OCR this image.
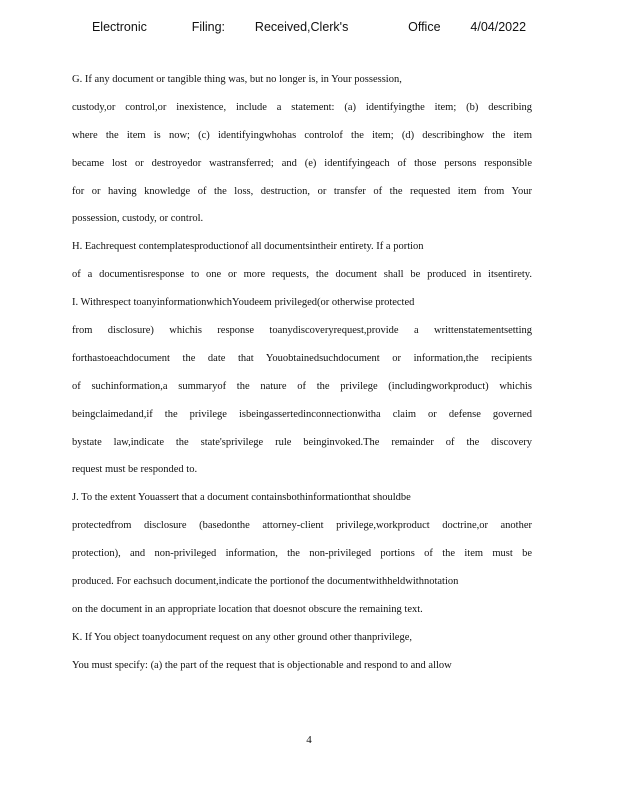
Electronic      Filing:    Received,Clerk's        Office    4/04/2022
G. If any document or tangible thing was, but no longer is, in Your possession,
custody,or control,or inexistence, include a statement: (a) identifyingthe item; (b) describing
where the item is now; (c) identifyingwhohas controlof the item; (d) describinghow the item
became lost or destroyedor wastransferred; and (e) identifyingeach of those persons responsible
for or having knowledge of the loss, destruction, or transfer of the requested item from Your
possession, custody, or control.
H. Eachrequest contemplatesproductionof all documentsintheir entirety. If a portion
of a documentisresponse to one or more requests, the document shall be produced in itsentirety.
I. Withrespect toanyinformationwhichYoudeem privileged(or otherwise protected
from disclosure) whichis response toanydiscoveryrequest,provide a writtenstatementsetting
forthastoeachdocument the date that Youobtainedsuchdocument or information,the recipients
of suchinformation,a summaryof the nature of the privilege (includingworkproduct) whichis
beingclaimedand,if the privilege isbeingassertedinconnectionwitha claim or defense governed
bystate law,indicate the state'sprivilege rule beinginvoked.The remainder of the discovery
request must be responded to.
J. To the extent Youassert that a document containsbothinformationthat shouldbe
protectedfrom disclosure (basedonthe attorney-client privilege,workproduct doctrine,or another
protection), and non-privileged information, the non-privileged portions of the item must be
produced. For eachsuch document,indicate the portionof the documentwithheldwithnotation
on the document in an appropriate location that doesnot obscure the remaining text.
K. If You object toanydocument request on any other ground other thanprivilege,
You must specify: (a) the part of the request that is objectionable and respond to and allow
4
